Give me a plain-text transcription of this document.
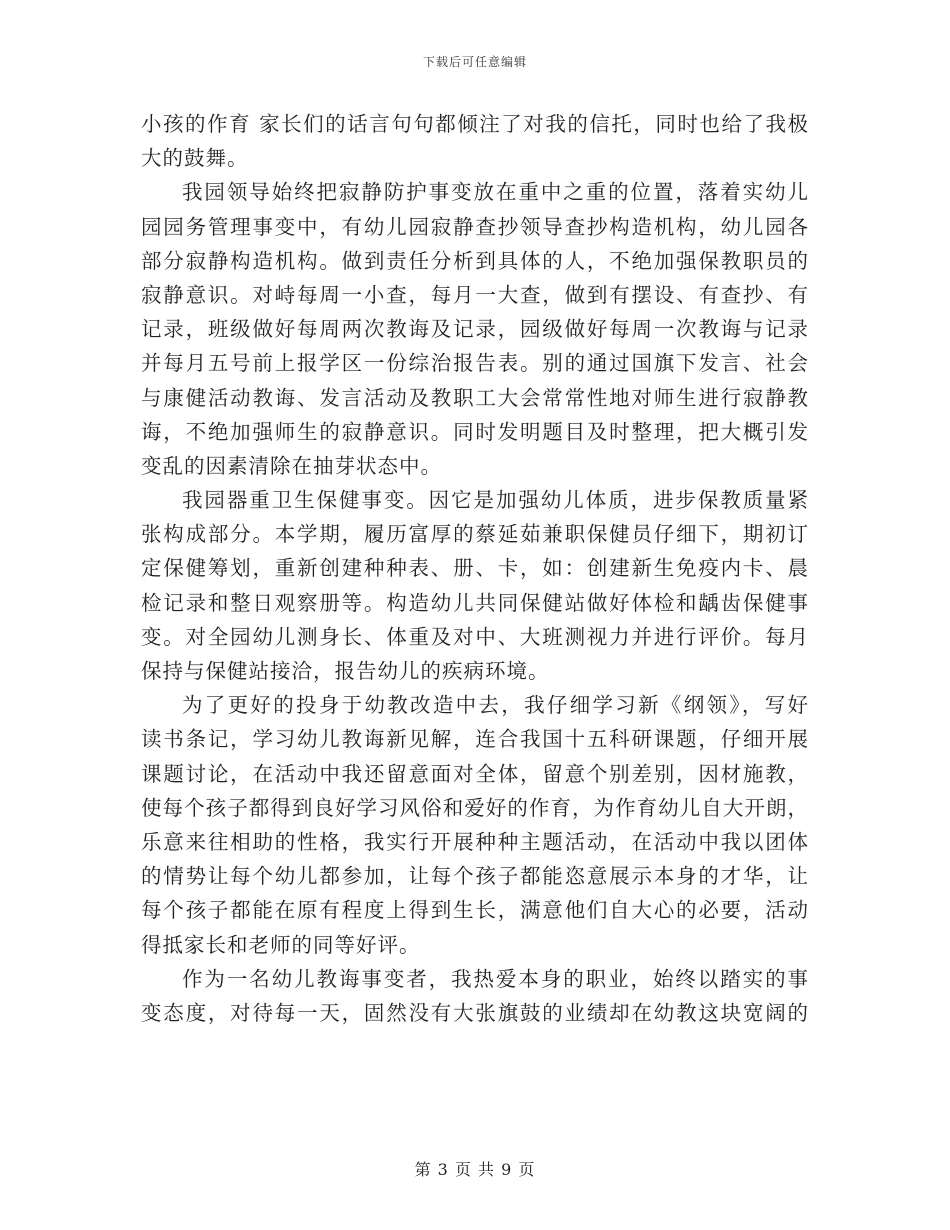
下载后可任意编辑
小孩的作育 家长们的话言句句都倾注了对我的信托，同时也给了我极
大的鼓舞。
我园领导始终把寂静防护事变放在重中之重的位置，落着实幼儿
园园务管理事变中，有幼儿园寂静查抄领导查抄构造机构，幼儿园各
部分寂静构造机构。做到责任分析到具体的人，不绝加强保教职员的
寂静意识。对峙每周一小查，每月一大查，做到有摆设、有查抄、有
记录，班级做好每周两次教诲及记录，园级做好每周一次教诲与记录
并每月五号前上报学区一份综治报告表。别的通过国旗下发言、社会
与康健活动教诲、发言活动及教职工大会常常性地对师生进行寂静教
诲，不绝加强师生的寂静意识。同时发明题目及时整理，把大概引发
变乱的因素清除在抽芽状态中。
我园器重卫生保健事变。因它是加强幼儿体质，进步保教质量紧
张构成部分。本学期，履历富厚的蔡延茹兼职保健员仔细下，期初订
定保健筹划，重新创建种种表、册、卡，如：创建新生免疫内卡、晨
检记录和整日观察册等。构造幼儿共同保健站做好体检和龋齿保健事
变。对全园幼儿测身长、体重及对中、大班测视力并进行评价。每月
保持与保健站接洽，报告幼儿的疾病环境。
为了更好的投身于幼教改造中去，我仔细学习新《纲领》，写好
读书条记，学习幼儿教诲新见解，连合我国十五科研课题，仔细开展
课题讨论，在活动中我还留意面对全体，留意个别差别，因材施教，
使每个孩子都得到良好学习风俗和爱好的作育，为作育幼儿自大开朗，
乐意来往相助的性格，我实行开展种种主题活动，在活动中我以团体
的情势让每个幼儿都参加，让每个孩子都能恣意展示本身的才华，让
每个孩子都能在原有程度上得到生长，满意他们自大心的必要，活动
得抵家长和老师的同等好评。
作为一名幼儿教诲事变者，我热爱本身的职业，始终以踏实的事
变态度，对待每一天，固然没有大张旗鼓的业绩却在幼教这块宽阔的
第 3 页 共 9 页
